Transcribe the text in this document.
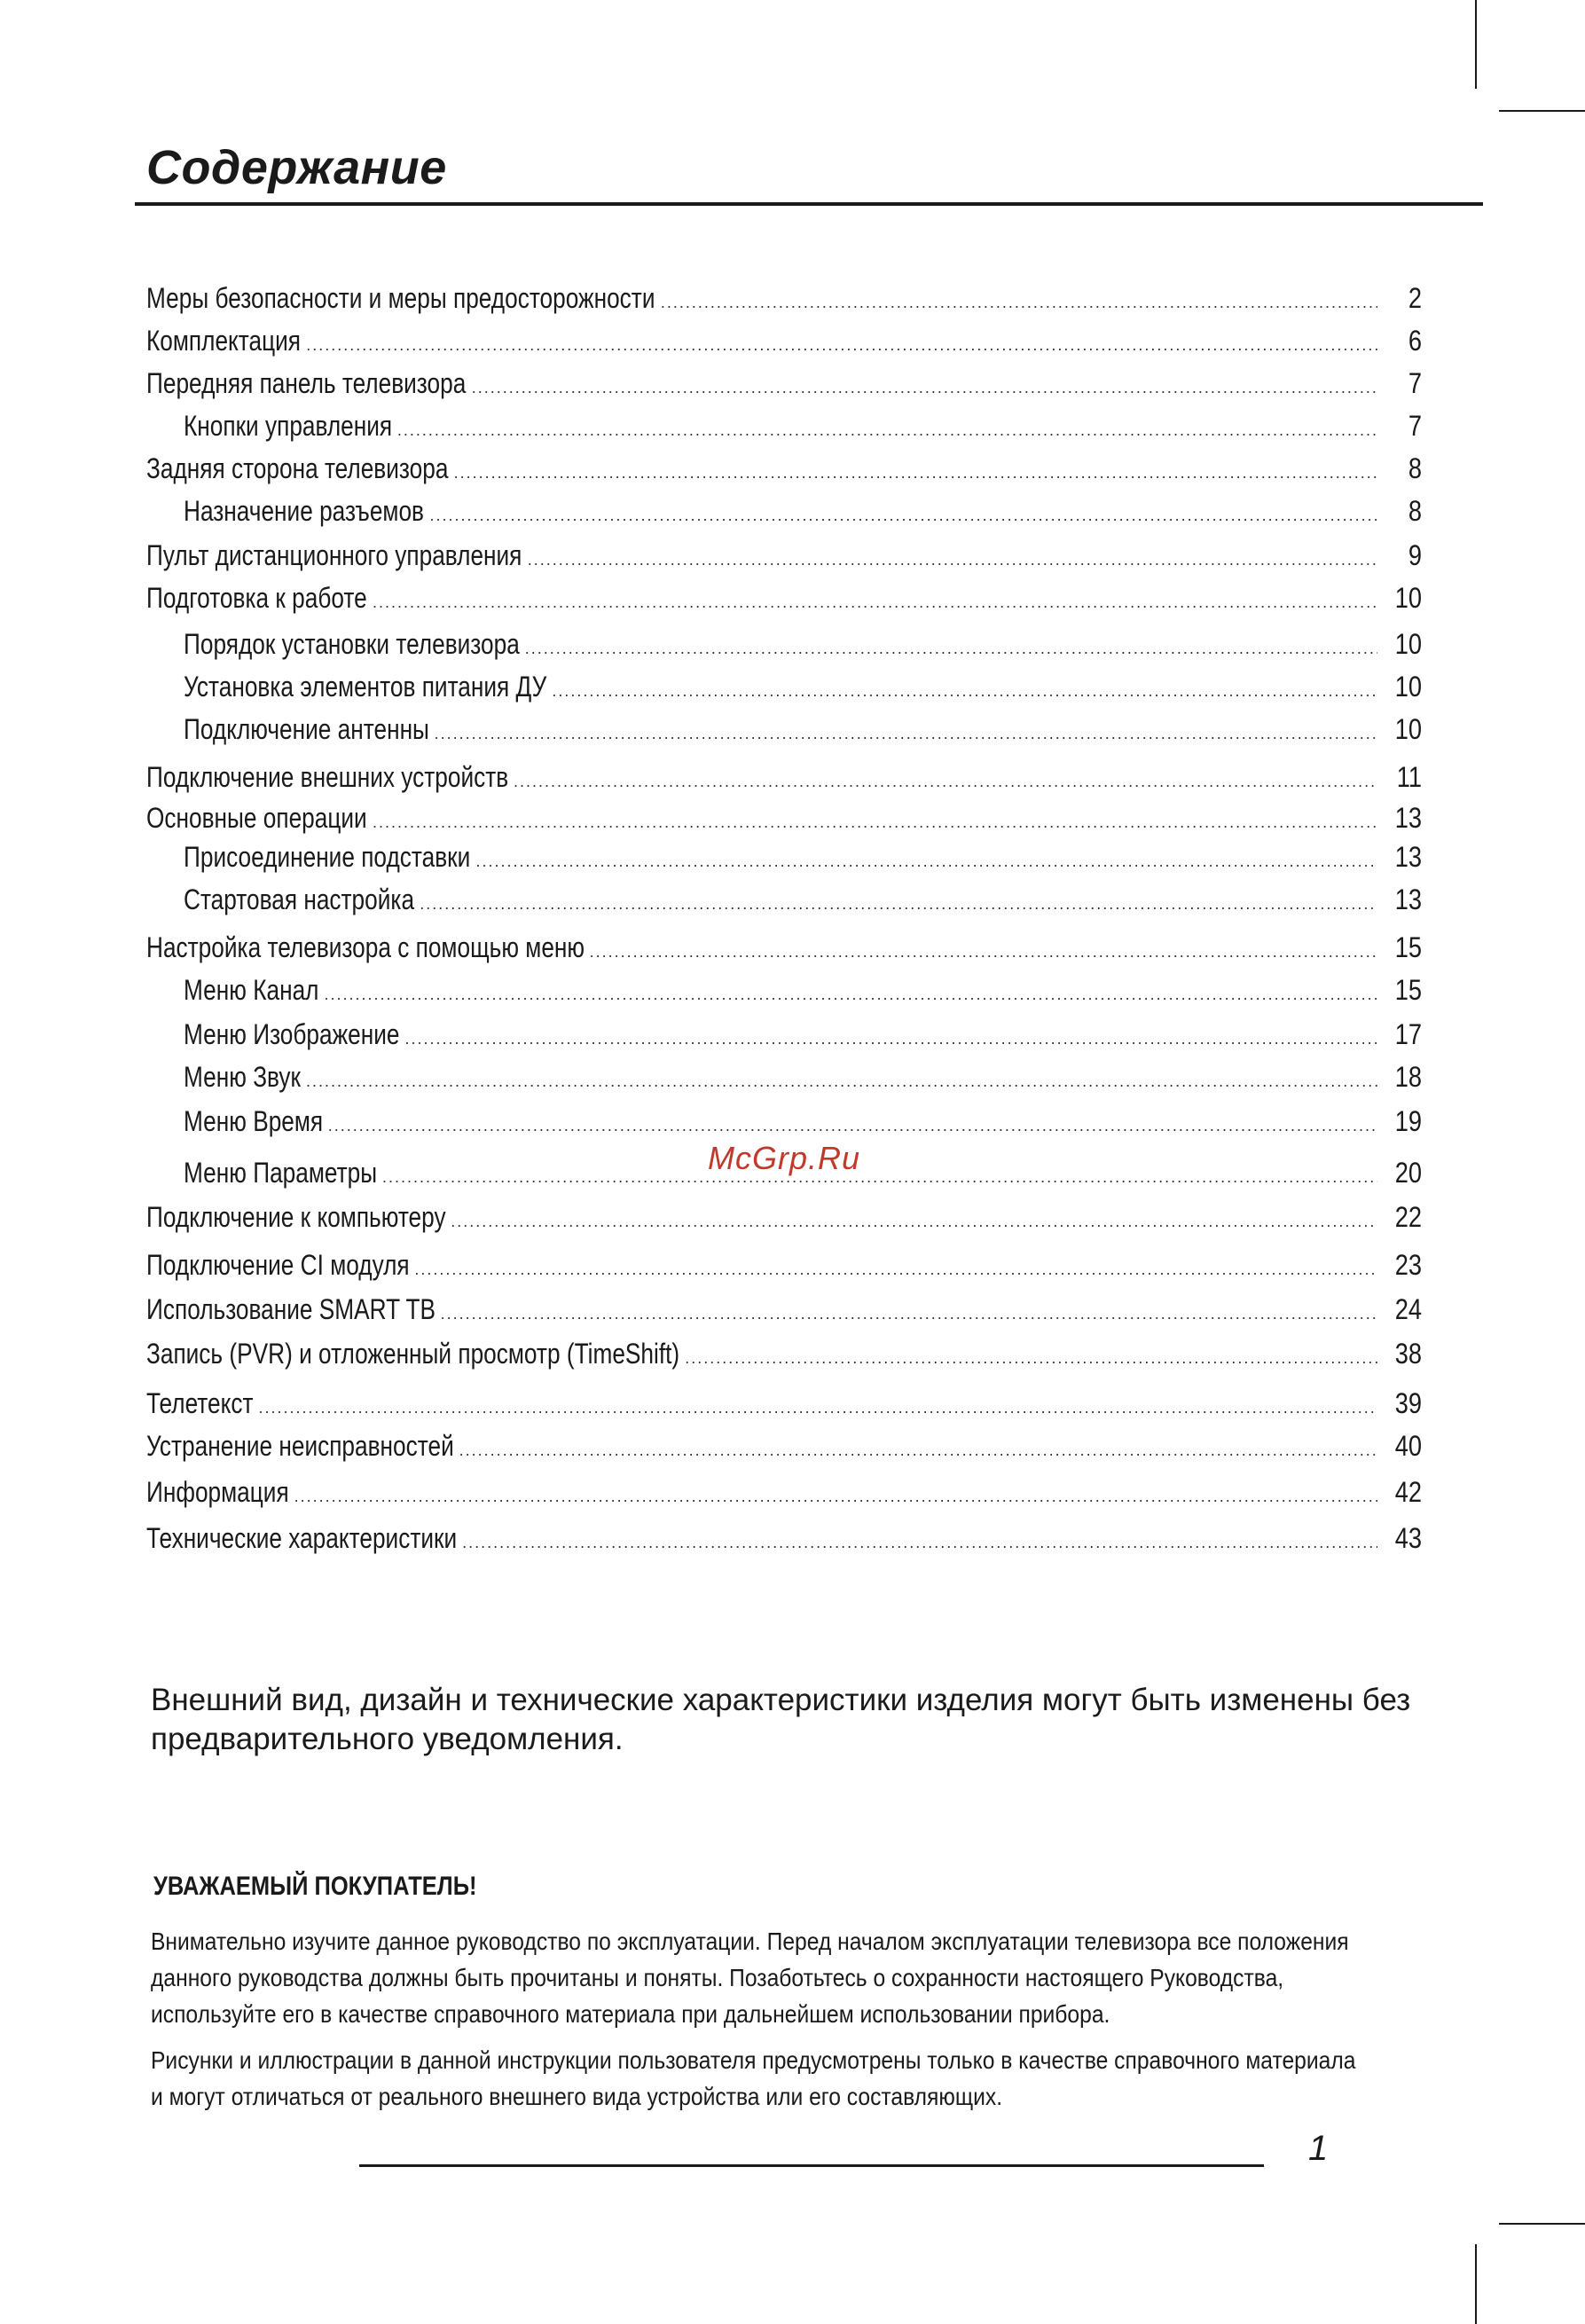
Содержание
Меры безопасности и меры предосторожности .....	2
Комплектация .....	6
Передняя панель телевизора .....	7
Кнопки управления .....	7
Задняя сторона телевизора .....	8
Назначение разъемов .....	8
Пульт дистанционного управления .....	9
Подготовка к работе .....	10
Порядок установки телевизора .....	10
Установка элементов питания ДУ .....	10
Подключение антенны .....	10
Подключение внешних устройств .....	11
Основные операции .....	13
Присоединение подставки .....	13
Стартовая настройка .....	13
Настройка телевизора с помощью меню .....	15
Меню Канал .....	15
Меню Изображение .....	17
Меню Звук .....	18
Меню Время .....	19
Меню Параметры .....	20
Подключение к компьютеру .....	22
Подключение CI модуля .....	23
Использование SMART TB .....	24
Запись (PVR) и отложенный просмотр (TimeShift) .....	38
Телетекст .....	39
Устранение неисправностей .....	40
Информация .....	42
Технические характеристики .....	43
McGrp.Ru
Внешний вид, дизайн и технические характеристики изделия могут быть изменены без предварительного уведомления.
УВАЖАЕМЫЙ ПОКУПАТЕЛЬ!
Внимательно изучите данное руководство по эксплуатации. Перед началом эксплуатации телевизора все положения данного руководства должны быть прочитаны и поняты. Позаботьтесь о сохранности настоящего Руководства, используйте его в качестве справочного материала при дальнейшем использовании прибора.
Рисунки и иллюстрации в данной инструкции пользователя предусмотрены только в качестве справочного материала и могут отличаться от реального внешнего вида устройства или его составляющих.
1
